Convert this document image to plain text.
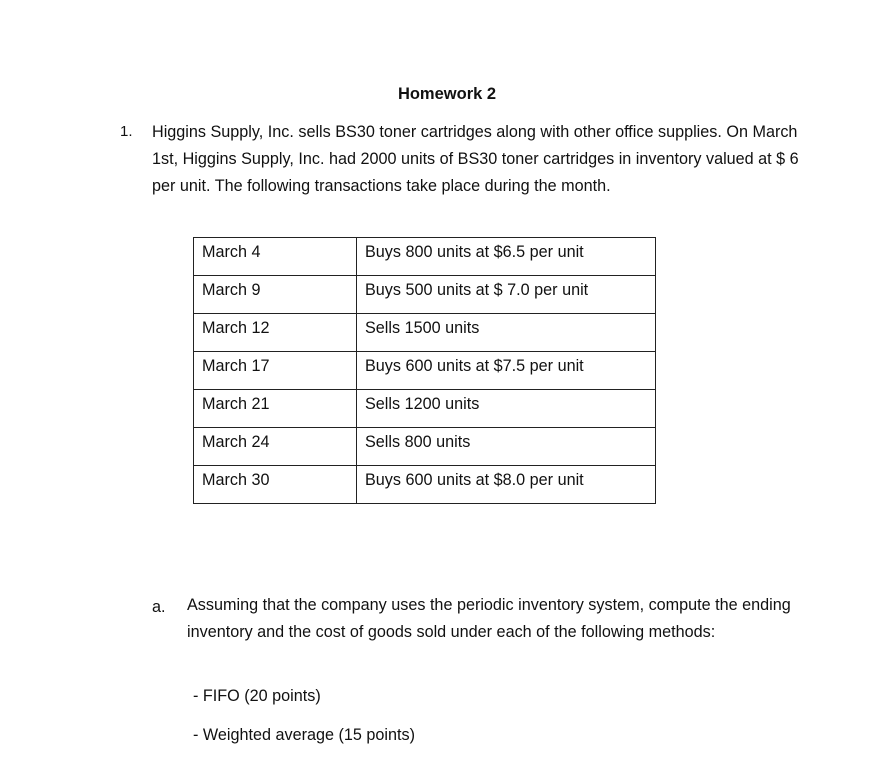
Homework 2
1. Higgins Supply, Inc. sells BS30 toner cartridges along with other office supplies. On March 1st, Higgins Supply, Inc. had 2000 units of BS30 toner cartridges in inventory valued at $ 6 per unit. The following transactions take place during the month.
March 4	Buys 800 units at $6.5 per unit
March 9	Buys 500 units at $ 7.0 per unit
March 12	Sells 1500 units
March 17	Buys 600 units at $7.5 per unit
March 21	Sells 1200 units
March 24	Sells 800 units
March 30	Buys 600 units at $8.0 per unit
a. Assuming that the company uses the periodic inventory system, compute the ending inventory and the cost of goods sold under each of the following methods:
- FIFO (20 points)
- Weighted average (15 points)
